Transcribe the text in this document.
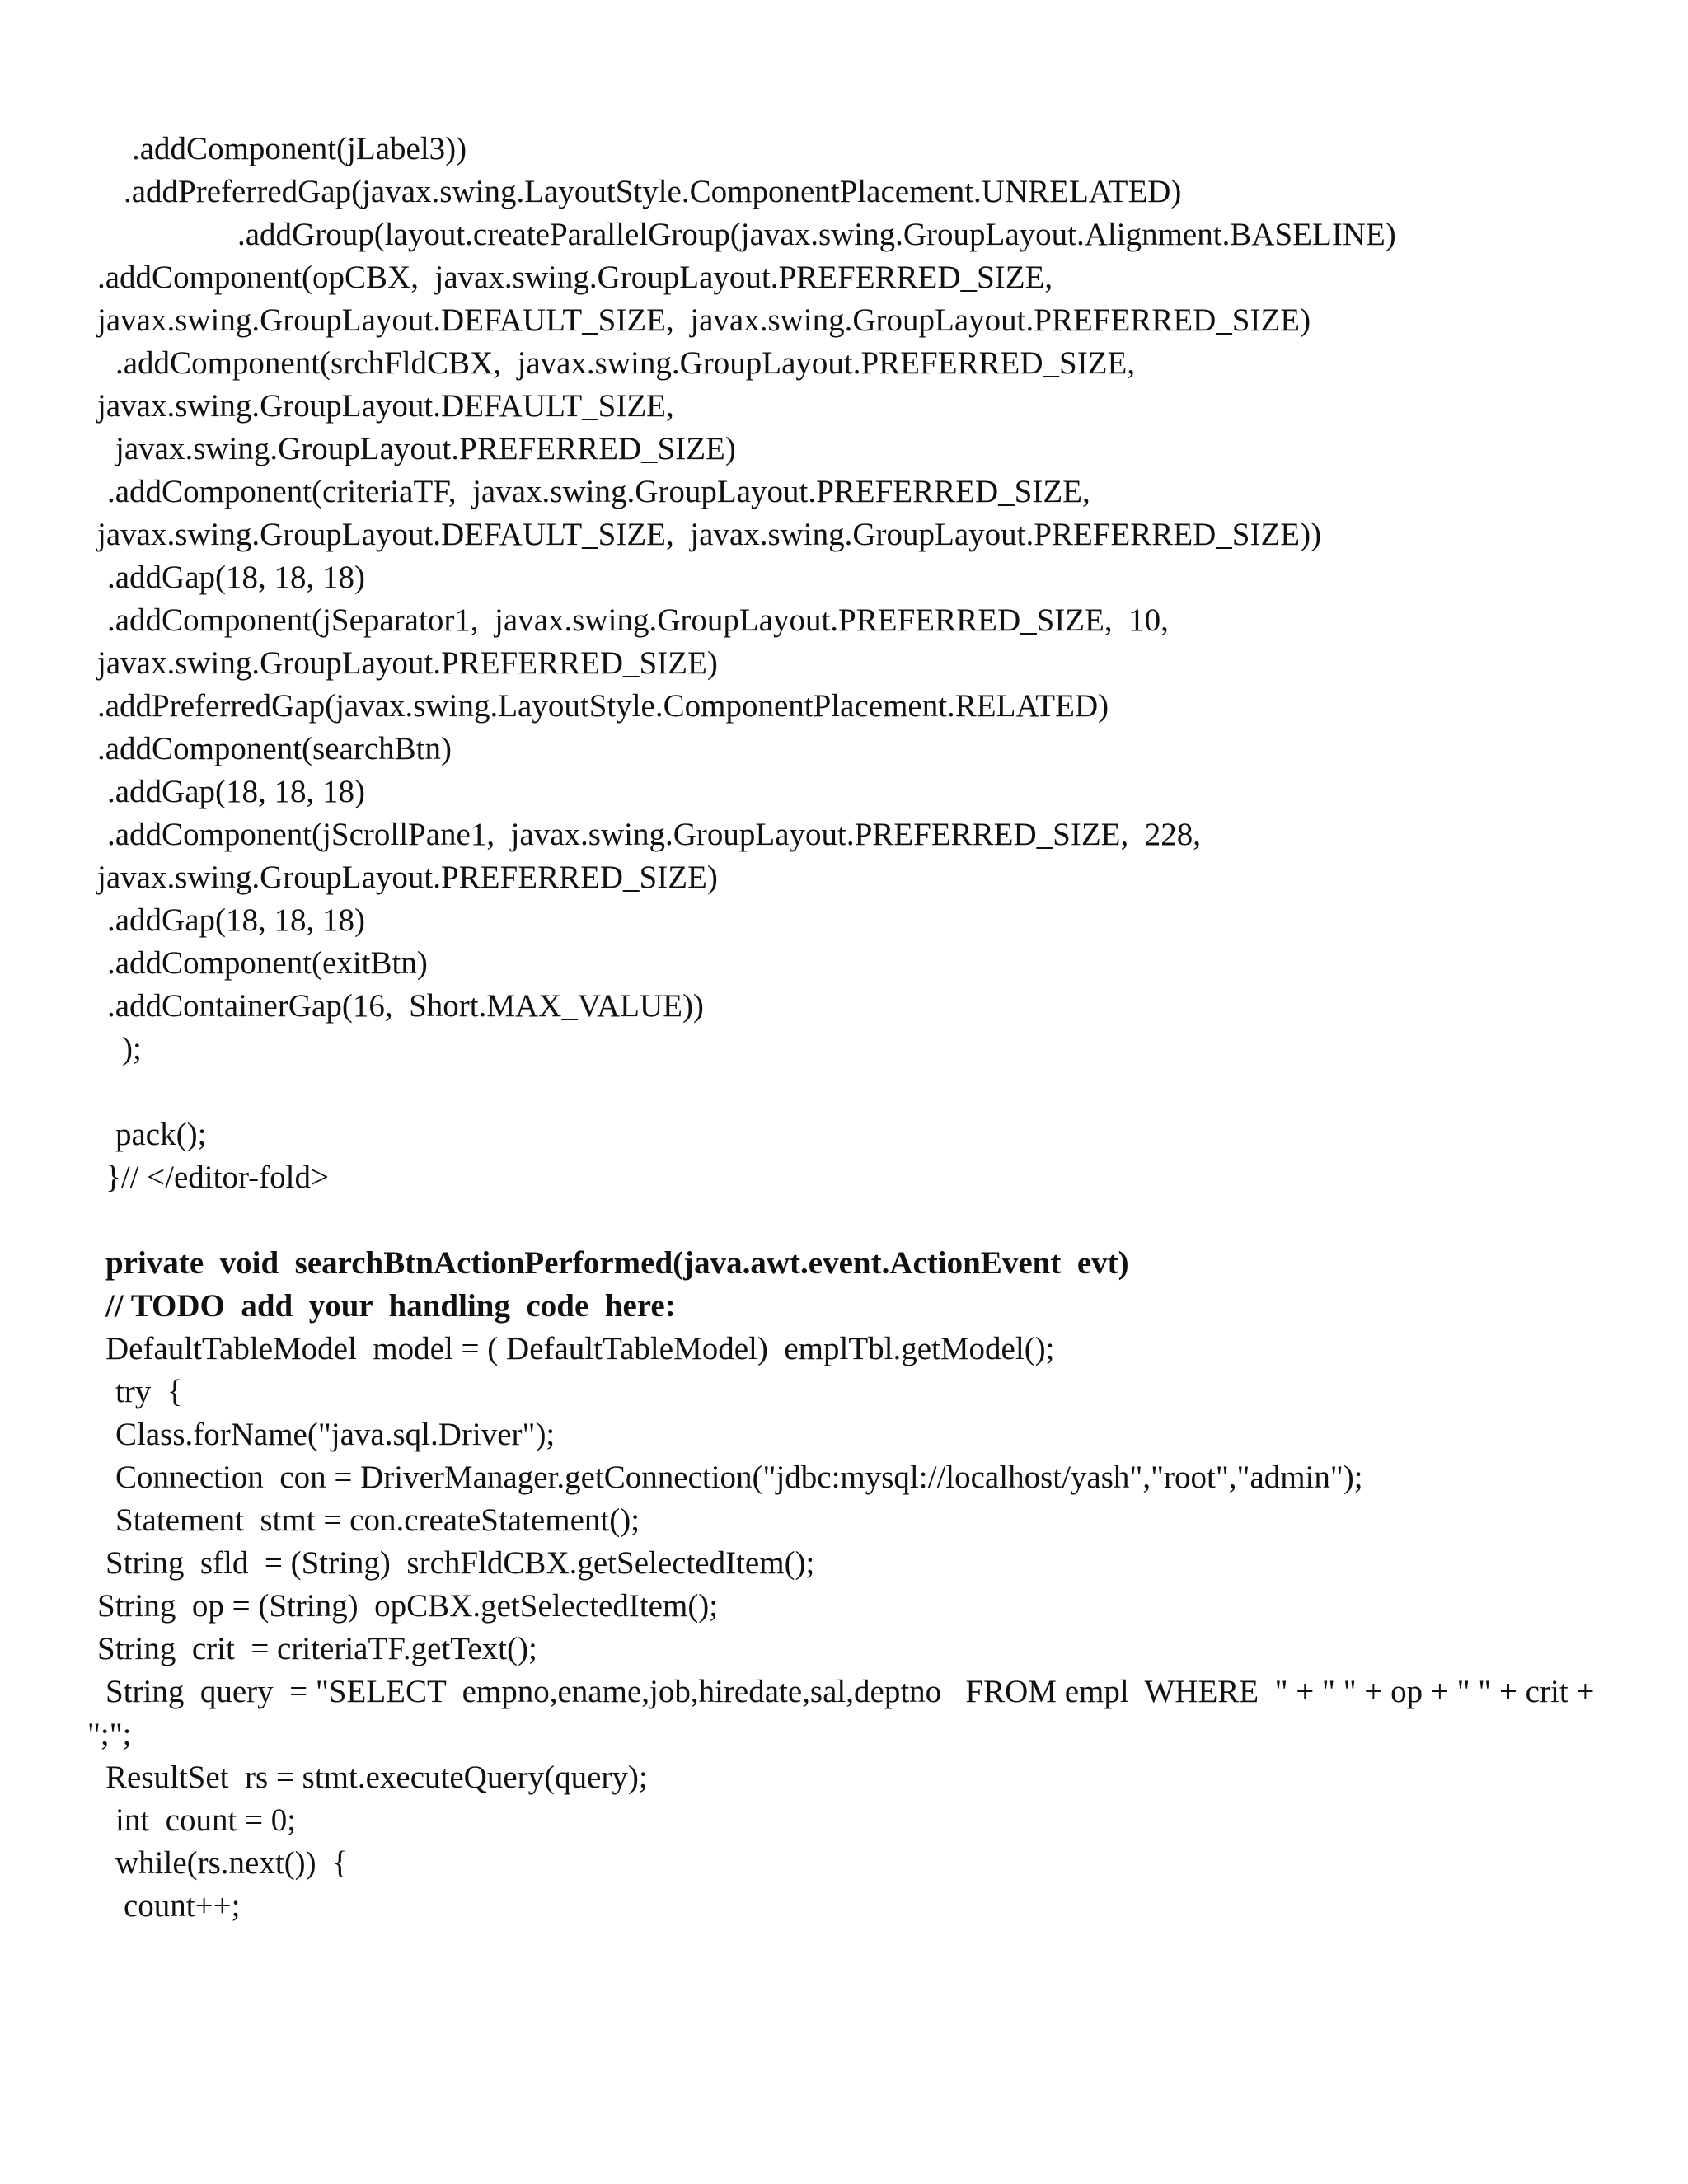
.addComponent(jLabel3))
.addPreferredGap(javax.swing.LayoutStyle.ComponentPlacement.UNRELATED)
.addGroup(layout.createParallelGroup(javax.swing.GroupLayout.Alignment.BASELINE)
.addComponent(opCBX,  javax.swing.GroupLayout.PREFERRED_SIZE,
javax.swing.GroupLayout.DEFAULT_SIZE,  javax.swing.GroupLayout.PREFERRED_SIZE)
.addComponent(srchFldCBX,  javax.swing.GroupLayout.PREFERRED_SIZE,
javax.swing.GroupLayout.DEFAULT_SIZE,
javax.swing.GroupLayout.PREFERRED_SIZE)
.addComponent(criteriaTF,  javax.swing.GroupLayout.PREFERRED_SIZE,
javax.swing.GroupLayout.DEFAULT_SIZE,  javax.swing.GroupLayout.PREFERRED_SIZE))
.addGap(18, 18, 18)
.addComponent(jSeparator1,  javax.swing.GroupLayout.PREFERRED_SIZE,  10,
javax.swing.GroupLayout.PREFERRED_SIZE)
.addPreferredGap(javax.swing.LayoutStyle.ComponentPlacement.RELATED)
.addComponent(searchBtn)
.addGap(18, 18, 18)
.addComponent(jScrollPane1,  javax.swing.GroupLayout.PREFERRED_SIZE,  228,
javax.swing.GroupLayout.PREFERRED_SIZE)
.addGap(18, 18, 18)
.addComponent(exitBtn)
.addContainerGap(16,  Short.MAX_VALUE))
);
pack();
}// </editor-fold>
private  void  searchBtnActionPerformed(java.awt.event.ActionEvent  evt)
// TODO  add  your  handling  code  here:
DefaultTableModel  model = ( DefaultTableModel)  emplTbl.getModel();
try  {
Class.forName("java.sql.Driver");
Connection  con = DriverManager.getConnection("jdbc:mysql://localhost/yash","root","admin");
Statement  stmt = con.createStatement();
String  sfld  = (String)  srchFldCBX.getSelectedItem();
String  op = (String)  opCBX.getSelectedItem();
String  crit  = criteriaTF.getText();
String  query  = "SELECT  empno,ename,job,hiredate,sal,deptno   FROM empl  WHERE  " + " " + op + " " + crit +
";";
ResultSet  rs = stmt.executeQuery(query);
int  count = 0;
while(rs.next())  {
count++;
